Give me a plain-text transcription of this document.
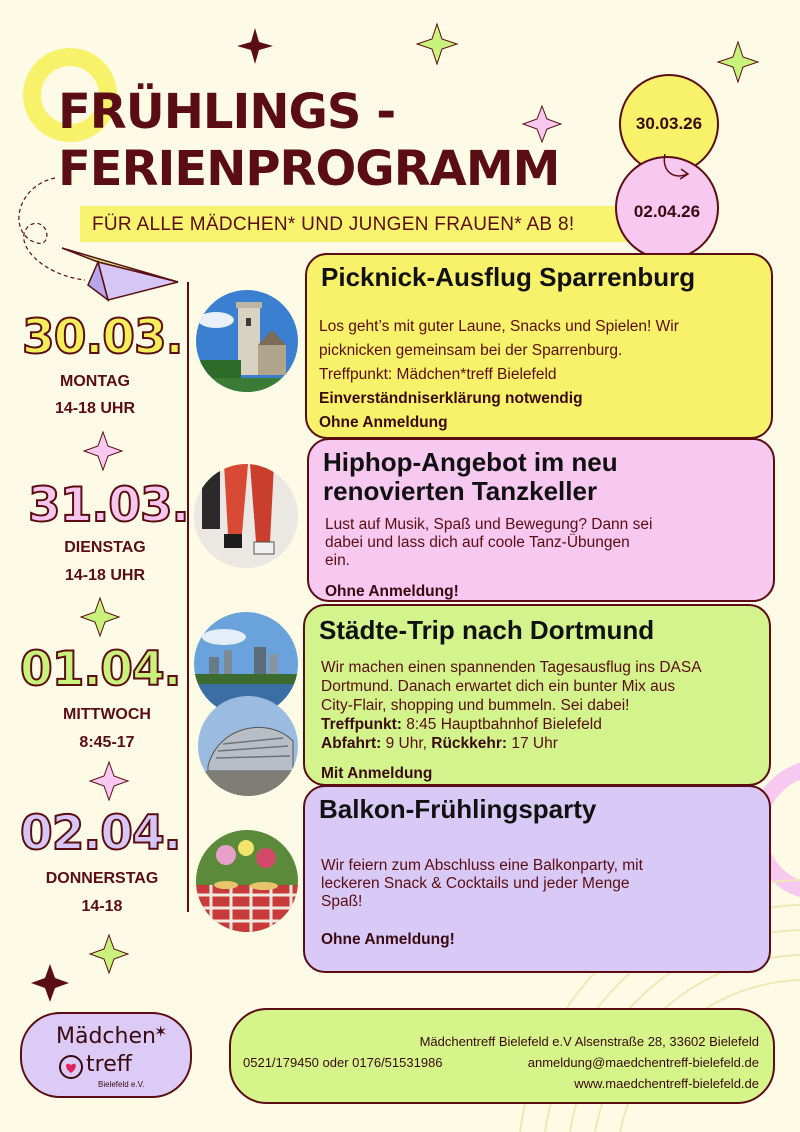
FRÜHLINGS -
FERIENPROGRAMM
FÜR ALLE MÄDCHEN* UND JUNGEN FRAUEN* AB 8!
30.03.26
02.04.26
30.03.
MONTAG
14-18 UHR
Picknick-Ausflug Sparrenburg
Los geht’s mit guter Laune, Snacks und Spielen! Wir
picknicken gemeinsam bei der Sparrenburg.
Treffpunkt: Mädchen*treff Bielefeld
Einverständniserklärung notwendig
Ohne Anmeldung
31.03.
DIENSTAG
14-18 UHR
Hiphop-Angebot im neu
renovierten Tanzkeller
Lust auf Musik, Spaß und Bewegung? Dann sei
dabei und lass dich auf coole Tanz-Übungen
ein.
Ohne Anmeldung!
01.04.
MITTWOCH
8:45-17
Städte-Trip nach Dortmund
Wir machen einen spannenden Tagesausflug ins DASA
Dortmund. Danach erwartet dich ein bunter Mix aus
City-Flair, shopping und bummeln. Sei dabei!
Treffpunkt: 8:45 Hauptbahnhof Bielefeld
Abfahrt: 9 Uhr, Rückkehr: 17 Uhr
Mit Anmeldung
02.04.
DONNERSTAG
14-18
Balkon-Frühlingsparty
Wir feiern zum Abschluss eine Balkonparty, mit
leckeren Snack & Cocktails und jeder Menge
Spaß!
Ohne Anmeldung!
Mädchen
✶
treff
Bielefeld e.V.
Mädchentreff Bielefeld e.V Alsenstraße 28, 33602 Bielefeld
0521/179450 oder 0176/51531986	anmeldung@maedchentreff-bielefeld.de
www.maedchentreff-bielefeld.de
